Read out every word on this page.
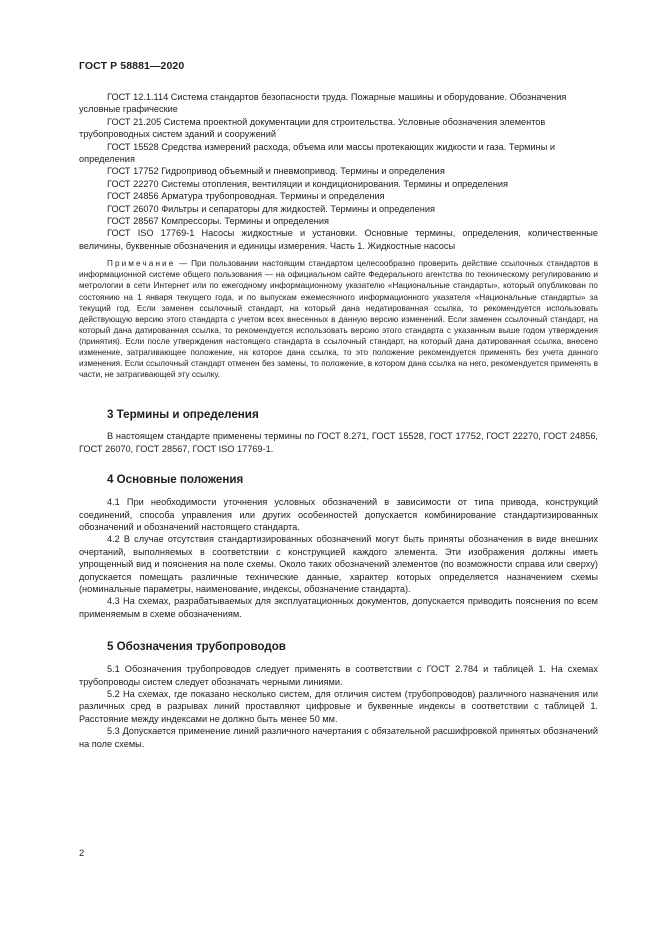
ГОСТ Р 58881—2020

ГОСТ 12.1.114 Система стандартов безопасности труда. Пожарные машины и оборудование. Обозначения условные графические

ГОСТ 21.205 Система проектной документации для строительства. Условные обозначения элементов трубопроводных систем зданий и сооружений

ГОСТ 15528 Средства измерений расхода, объема или массы протекающих жидкости и газа. Термины и определения

ГОСТ 17752 Гидропривод объемный и пневмопривод. Термины и определения

ГОСТ 22270 Системы отопления, вентиляции и кондиционирования. Термины и определения

ГОСТ 24856 Арматура трубопроводная. Термины и определения

ГОСТ 26070 Фильтры и сепараторы для жидкостей. Термины и определения

ГОСТ 28567 Компрессоры. Термины и определения

ГОСТ ISO 17769-1 Насосы жидкостные и установки. Основные термины, определения, количественные величины, буквенные обозначения и единицы измерения. Часть 1. Жидкостные насосы

Примечание — При пользовании настоящим стандартом целесообразно проверить действие ссылочных стандартов в информационной системе общего пользования — на официальном сайте Федерального агентства по техническому регулированию и метрологии в сети Интернет или по ежегодному информационному указателю «Национальные стандарты», который опубликован по состоянию на 1 января текущего года, и по выпускам ежемесячного информационного указателя «Национальные стандарты» за текущий год. Если заменен ссылочный стандарт, на который дана недатированная ссылка, то рекомендуется использовать действующую версию этого стандарта с учетом всех внесенных в данную версию изменений. Если заменен ссылочный стандарт, на который дана датированная ссылка, то рекомендуется использовать версию этого стандарта с указанным выше годом утверждения (принятия). Если после утверждения настоящего стандарта в ссылочный стандарт, на который дана датированная ссылка, внесено изменение, затрагивающее положение, на которое дана ссылка, то это положение рекомендуется применять без учета данного изменения. Если ссылочный стандарт отменен без замены, то положение, в котором дана ссылка на него, рекомендуется применять в части, не затрагивающей эту ссылку.

3 Термины и определения

В настоящем стандарте применены термины по ГОСТ 8.271, ГОСТ 15528, ГОСТ 17752, ГОСТ 22270, ГОСТ 24856, ГОСТ 26070, ГОСТ 28567, ГОСТ ISO 17769-1.

4 Основные положения

4.1 При необходимости уточнения условных обозначений в зависимости от типа привода, конструкций соединений, способа управления или других особенностей допускается комбинирование стандартизированных обозначений и обозначений настоящего стандарта.

4.2 В случае отсутствия стандартизированных обозначений могут быть приняты обозначения в виде внешних очертаний, выполняемых в соответствии с конструкцией каждого элемента. Эти изображения должны иметь упрощенный вид и пояснения на поле схемы. Около таких обозначений элементов (по возможности справа или сверху) допускается помещать различные технические данные, характер которых определяется назначением схемы (номинальные параметры, наименование, индексы, обозначение стандарта).

4.3 На схемах, разрабатываемых для эксплуатационных документов, допускается приводить пояснения по всем применяемым в схеме обозначениям.

5 Обозначения трубопроводов

5.1 Обозначения трубопроводов следует применять в соответствии с ГОСТ 2.784 и таблицей 1. На схемах трубопроводы систем следует обозначать черными линиями.

5.2 На схемах, где показано несколько систем, для отличия систем (трубопроводов) различного назначения или различных сред в разрывах линий проставляют цифровые и буквенные индексы в соответствии с таблицей 1. Расстояние между индексами не должно быть менее 50 мм.

5.3 Допускается применение линий различного начертания с обязательной расшифровкой принятых обозначений на поле схемы.

2
